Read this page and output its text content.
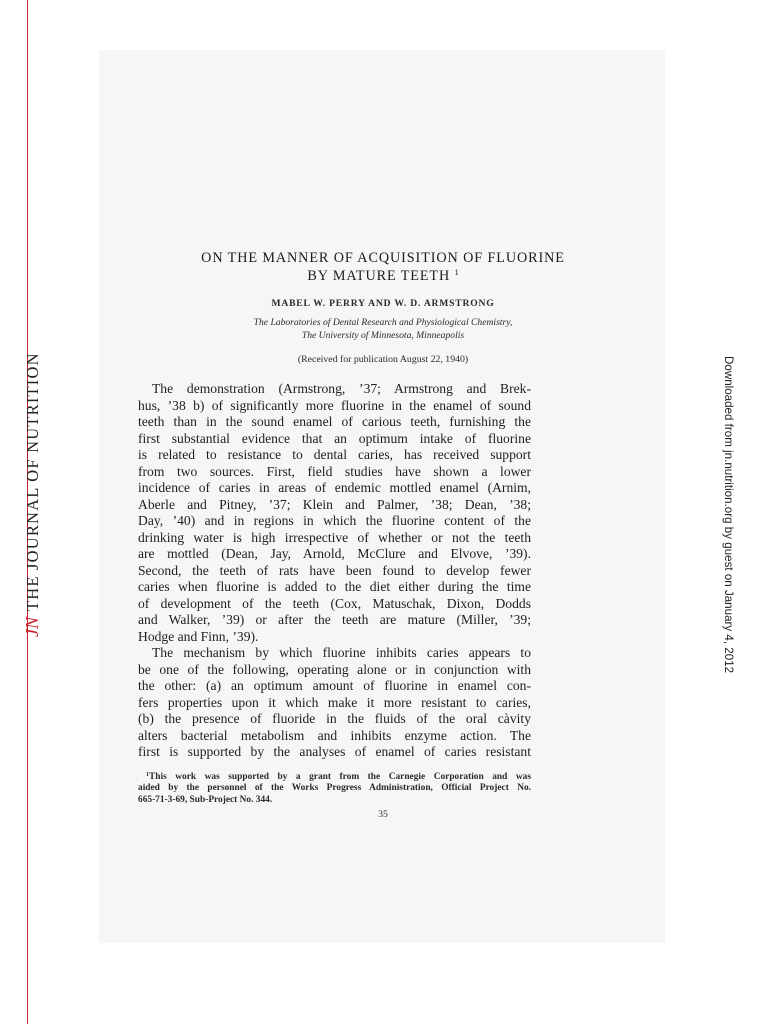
JNTHE JOURNAL OF NUTRITION	Downloaded from jn.nutrition.org by guest on January 4, 2012
ON THE MANNER OF ACQUISITION OF FLUORINE
BY MATURE TEETH $^1$
MABEL W. PERRY AND W. D. ARMSTRONG
The Laboratories of Dental Research and Physiological Chemistry,
The University of Minnesota, Minneapolis
(Received for publication August 22, 1940)
The demonstration (Armstrong, ’37; Armstrong and Brek-
hus, ’38 b) of significantly more fluorine in the enamel of sound
teeth than in the sound enamel of carious teeth, furnishing the
first substantial evidence that an optimum intake of fluorine
is related to resistance to dental caries, has received support
from two sources. First, field studies have shown a lower
incidence of caries in areas of endemic mottled enamel (Arnim,
Aberle and Pitney, ’37; Klein and Palmer, ’38; Dean, ’38;
Day, ’40) and in regions in which the fluorine content of the
drinking water is high irrespective of whether or not the teeth
are mottled (Dean, Jay, Arnold, McClure and Elvove, ’39).
Second, the teeth of rats have been found to develop fewer
caries when fluorine is added to the diet either during the time
of development of the teeth (Cox, Matuschak, Dixon, Dodds
and Walker, ’39) or after the teeth are mature (Miller, ’39;
Hodge and Finn, ’39).
The mechanism by which fluorine inhibits caries appears to
be one of the following, operating alone or in conjunction with
the other: (a) an optimum amount of fluorine in enamel con-
fers properties upon it which make it more resistant to caries,
(b) the presence of fluoride in the fluids of the oral càvity
alters bacterial metabolism and inhibits enzyme action. The
first is supported by the analyses of enamel of caries resistant
$^1$This work was supported by a grant from the Carnegie Corporation and was
aided by the personnel of the Works Progress Administration, Official Project No.
665-71-3-69, Sub-Project No. 344.
35
